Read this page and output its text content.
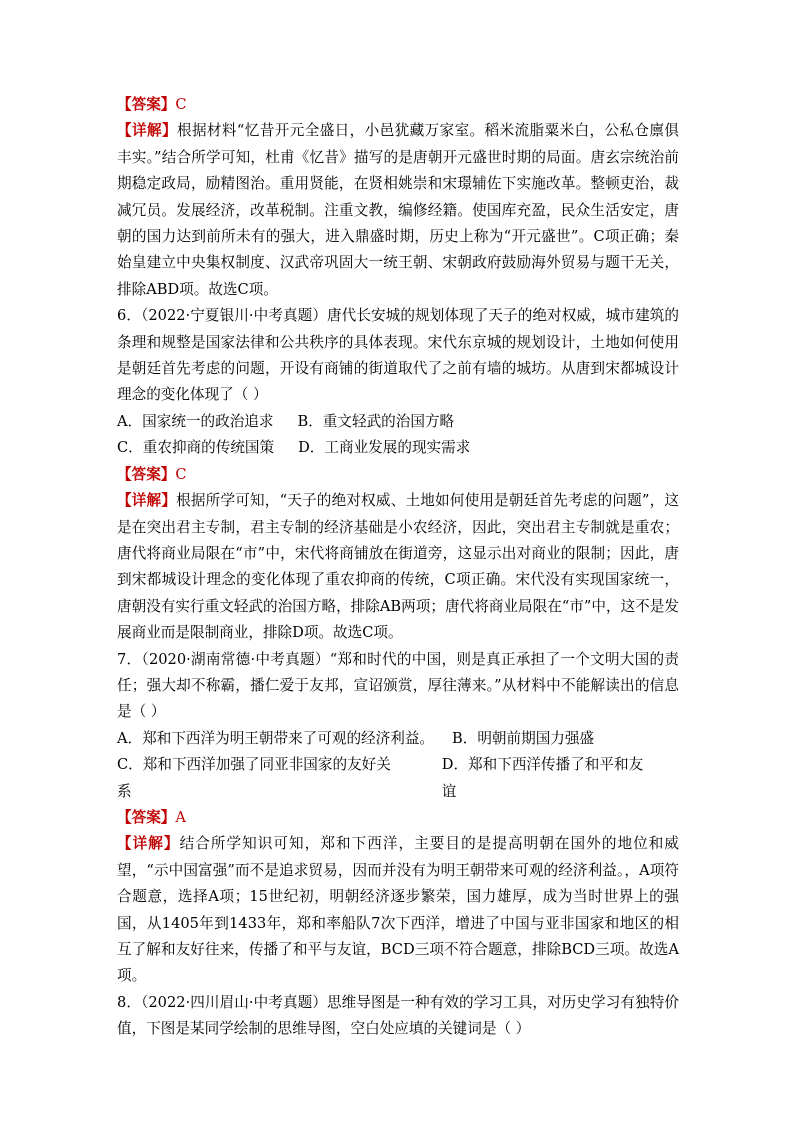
【答案】C

【详解】根据材料“忆昔开元全盛日，小邑犹藏万家室。稻米流脂粟米白，公私仓廪俱丰实。”结合所学可知，杜甫《忆昔》描写的是唐朝开元盛世时期的局面。唐玄宗统治前期稳定政局，励精图治。重用贤能，在贤相姚崇和宋璟辅佐下实施改革。整顿吏治，裁减冗员。发展经济，改革税制。注重文教，编修经籍。使国库充盈，民众生活安定，唐朝的国力达到前所未有的强大，进入鼎盛时期，历史上称为“开元盛世”。C项正确；秦始皇建立中央集权制度、汉武帝巩固大一统王朝、宋朝政府鼓励海外贸易与题干无关，排除ABD项。故选C项。

6．（2022·宁夏银川·中考真题）唐代长安城的规划体现了天子的绝对权威，城市建筑的条理和规整是国家法律和公共秩序的具体表现。宋代东京城的规划设计，土地如何使用是朝廷首先考虑的问题，开设有商铺的街道取代了之前有墙的城坊。从唐到宋都城设计理念的变化体现了（ ）

A．国家统一的政治追求 B．重文轻武的治国方略
C．重农抑商的传统国策 D．工商业发展的现实需求

【答案】C

【详解】根据所学可知，“天子的绝对权威、土地如何使用是朝廷首先考虑的问题”，这是在突出君主专制，君主专制的经济基础是小农经济，因此，突出君主专制就是重农；唐代将商业局限在“市”中，宋代将商铺放在街道旁，这显示出对商业的限制；因此，唐到宋都城设计理念的变化体现了重农抑商的传统，C项正确。宋代没有实现国家统一，唐朝没有实行重文轻武的治国方略，排除AB两项；唐代将商业局限在“市”中，这不是发展商业而是限制商业，排除D项。故选C项。

7．（2020·湖南常德·中考真题）“郑和时代的中国，则是真正承担了一个文明大国的责任；强大却不称霸，播仁爱于友邦，宣诏颁赏，厚往薄来。”从材料中不能解读出的信息是（ ）

A．郑和下西洋为明王朝带来了可观的经济利益。 B．明朝前期国力强盛
C．郑和下西洋加强了同亚非国家的友好关系
D．郑和下西洋传播了和平和友谊

【答案】A

【详解】结合所学知识可知，郑和下西洋，主要目的是提高明朝在国外的地位和威望，“示中国富强”而不是追求贸易，因而并没有为明王朝带来可观的经济利益。，A项符合题意，选择A项；15世纪初，明朝经济逐步繁荣，国力雄厚，成为当时世界上的强国，从1405年到1433年，郑和率船队7次下西洋，增进了中国与亚非国家和地区的相互了解和友好往来，传播了和平与友谊，BCD三项不符合题意，排除BCD三项。故选A项。

8．（2022·四川眉山·中考真题）思维导图是一种有效的学习工具，对历史学习有独特价值，下图是某同学绘制的思维导图，空白处应填的关键词是（ ）
